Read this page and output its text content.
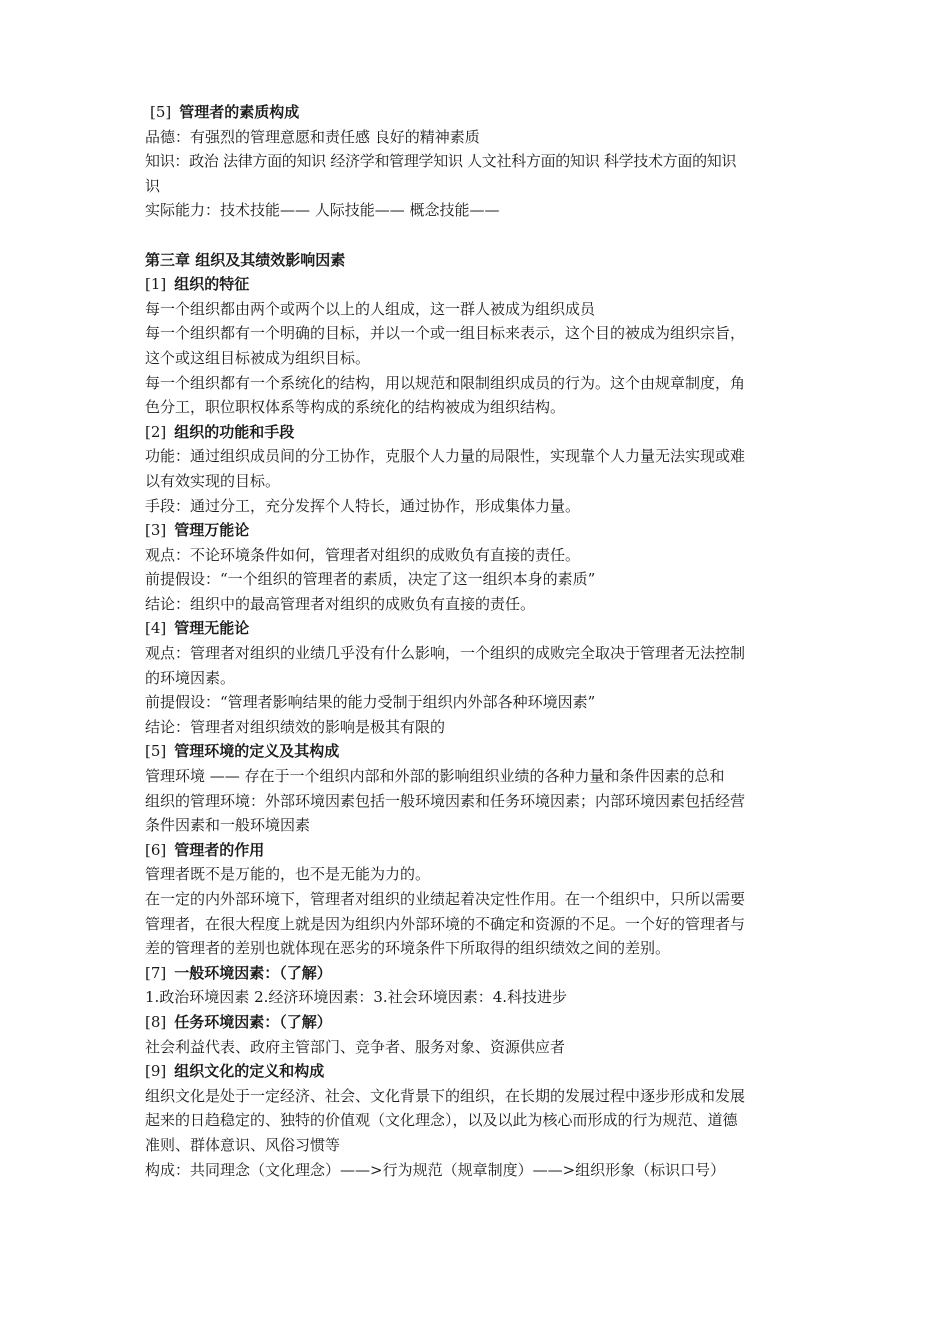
[5] 管理者的素质构成
品德：有强烈的管理意愿和责任感 良好的精神素质
知识：政治 法律方面的知识 经济学和管理学知识 人文社科方面的知识 科学技术方面的知识
识
实际能力：技术技能—— 人际技能—— 概念技能——
第三章 组织及其绩效影响因素
[1] 组织的特征
每一个组织都由两个或两个以上的人组成，这一群人被成为组织成员
每一个组织都有一个明确的目标，并以一个或一组目标来表示，这个目的被成为组织宗旨，
这个或这组目标被成为组织目标。
每一个组织都有一个系统化的结构，用以规范和限制组织成员的行为。这个由规章制度，角
色分工，职位职权体系等构成的系统化的结构被成为组织结构。
[2] 组织的功能和手段
功能：通过组织成员间的分工协作，克服个人力量的局限性，实现靠个人力量无法实现或难
以有效实现的目标。
手段：通过分工，充分发挥个人特长，通过协作，形成集体力量。
[3] 管理万能论
观点：不论环境条件如何，管理者对组织的成败负有直接的责任。
前提假设：“一个组织的管理者的素质，决定了这一组织本身的素质”
结论：组织中的最高管理者对组织的成败负有直接的责任。
[4] 管理无能论
观点：管理者对组织的业绩几乎没有什么影响，一个组织的成败完全取决于管理者无法控制
的环境因素。
前提假设：“管理者影响结果的能力受制于组织内外部各种环境因素”
结论：管理者对组织绩效的影响是极其有限的
[5] 管理环境的定义及其构成
管理环境 —— 存在于一个组织内部和外部的影响组织业绩的各种力量和条件因素的总和
组织的管理环境：外部环境因素包括一般环境因素和任务环境因素；内部环境因素包括经营
条件因素和一般环境因素
[6] 管理者的作用
管理者既不是万能的，也不是无能为力的。
在一定的内外部环境下，管理者对组织的业绩起着决定性作用。在一个组织中，只所以需要
管理者，在很大程度上就是因为组织内外部环境的不确定和资源的不足。一个好的管理者与
差的管理者的差别也就体现在恶劣的环境条件下所取得的组织绩效之间的差别。
[7] 一般环境因素：（了解）
1.政治环境因素 2.经济环境因素：3.社会环境因素：4.科技进步
[8] 任务环境因素：（了解）
社会利益代表、政府主管部门、竞争者、服务对象、资源供应者
[9] 组织文化的定义和构成
组织文化是处于一定经济、社会、文化背景下的组织，在长期的发展过程中逐步形成和发展
起来的日趋稳定的、独特的价值观（文化理念），以及以此为核心而形成的行为规范、道德
准则、群体意识、风俗习惯等
构成：共同理念（文化理念）——>行为规范（规章制度）——>组织形象（标识口号）
